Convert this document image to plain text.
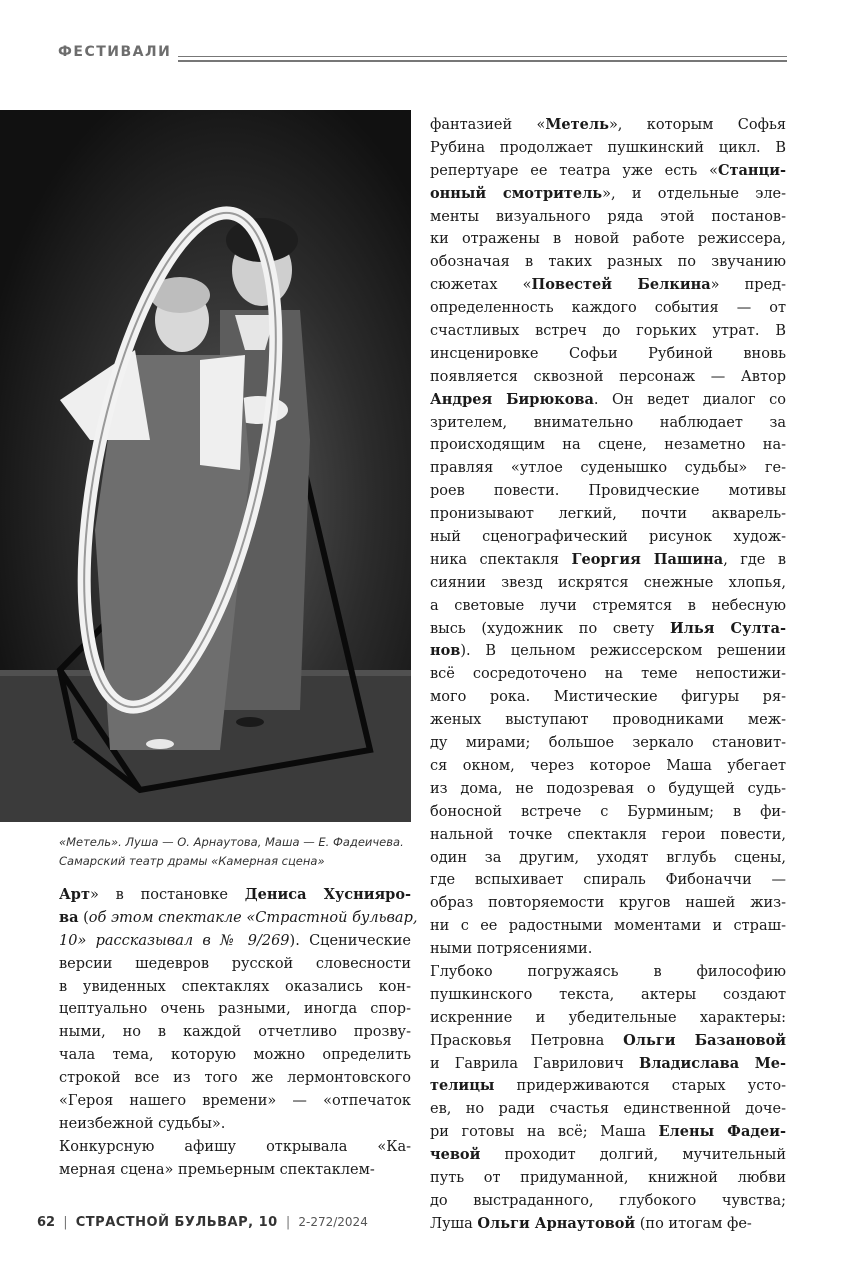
ФЕСТИВАЛИ
«Метель». Луша — О. Арнаутова, Маша — Е. Фадеичева.
Самарский театр драмы «Камерная сцена»
Арт» в постановке Дениса Хуснияро-
ва (об этом спектакле «Страстной бульвар,
10» рассказывал в № 9/269). Сценические
версии шедевров русской словесности
в увиденных спектаклях оказались кон-
цептуально очень разными, иногда спор-
ными, но в каждой отчетливо прозву-
чала тема, которую можно определить
строкой все из того же лермонтовского
«Героя нашего времени» — «отпечаток
неизбежной судьбы».
Конкурсную афишу открывала «Ка-
мерная сцена» премьерным спектаклем-
фантазией «Метель», которым Софья
Рубина продолжает пушкинский цикл. В
репертуаре ее театра уже есть «Станци-
онный смотритель», и отдельные эле-
менты визуального ряда этой постанов-
ки отражены в новой работе режиссера,
обозначая в таких разных по звучанию
сюжетах «Повестей Белкина» пред-
определенность каждого события — от
счастливых встреч до горьких утрат. В
инсценировке Софьи Рубиной вновь
появляется сквозной персонаж — Автор
Андрея Бирюкова. Он ведет диалог со
зрителем, внимательно наблюдает за
происходящим на сцене, незаметно на-
правляя «утлое суденышко судьбы» ге-
роев повести. Провидческие мотивы
пронизывают легкий, почти акварель-
ный сценографический рисунок худож-
ника спектакля Георгия Пашина, где в
сиянии звезд искрятся снежные хлопья,
а световые лучи стремятся в небесную
высь (художник по свету Илья Султа-
нов). В цельном режиссерском решении
всё сосредоточено на теме непостижи-
мого рока. Мистические фигуры ря-
женых выступают проводниками меж-
ду мирами; большое зеркало становит-
ся окном, через которое Маша убегает
из дома, не подозревая о будущей судь-
боносной встрече с Бурминым; в фи-
нальной точке спектакля герои повести,
один за другим, уходят вглубь сцены,
где вспыхивает спираль Фибоначчи —
образ повторяемости кругов нашей жиз-
ни с ее радостными моментами и страш-
ными потрясениями.
Глубоко погружаясь в философию
пушкинского текста, актеры создают
искренние и убедительные характеры:
Прасковья Петровна Ольги Базановой
и Гаврила Гаврилович Владислава Ме-
телицы придерживаются старых усто-
ев, но ради счастья единственной доче-
ри готовы на всё; Маша Елены Фадеи-
чевой проходит долгий, мучительный
путь от придуманной, книжной любви
до выстраданного, глубокого чувства;
Луша Ольги Арнаутовой (по итогам фе-
62 | СТРАСТНОЙ БУЛЬВАР, 10 | 2-272/2024
